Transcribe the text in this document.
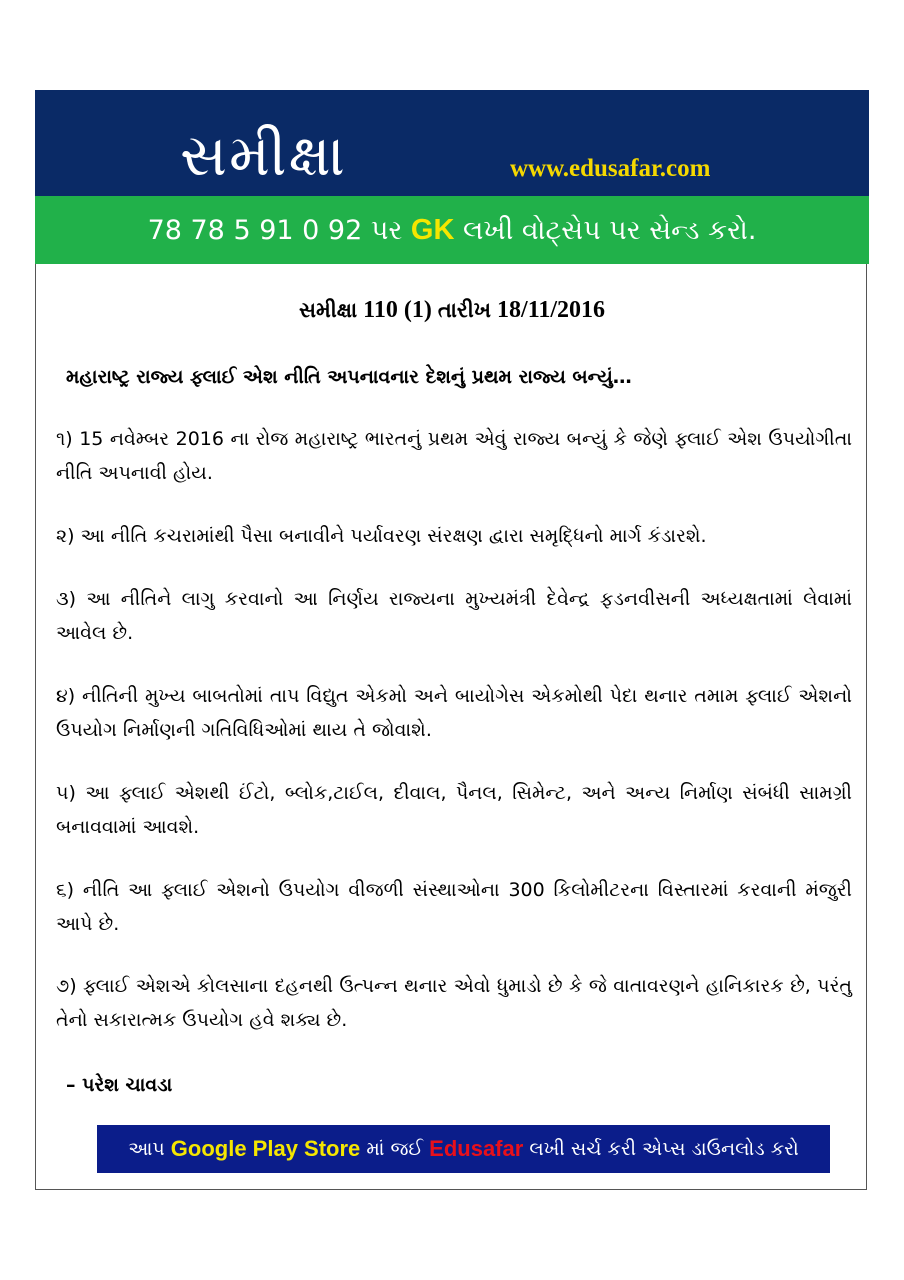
સમીક્ષા	www.edusafar.com
78 78 5 91 0 92 પર GK લખી વોટ્સેપ પર સેન્ડ કરો.
સમીક્ષા 110 (1) તારીખ 18/11/2016
મહારાષ્ટ્ર રાજ્ય ફ્લાઈ એશ નીતિ અપનાવનાર દેશનું પ્રથમ રાજ્ય બન્યું…
૧) 15 નવેમ્બર 2016 ના રોજ મહારાષ્ટ્ર ભારતનું પ્રથમ એવું રાજ્ય બન્યું કે જેણે ફ્લાઈ એશ ઉપયોગીતા નીતિ અપનાવી હોય.
૨) આ નીતિ કચરામાંથી પૈસા બનાવીને પર્યાવરણ સંરક્ષણ દ્વારા સમૃદ્ધિનો માર્ગ કંડારશે.
૩) આ નીતિને લાગુ કરવાનો આ નિર્ણય રાજ્યના મુખ્યમંત્રી દેવેન્દ્ર ફડનવીસની અધ્યક્ષતામાં લેવામાં આવેલ છે.
૪) નીતિની મુખ્ય બાબતોમાં તાપ વિદ્યુત એકમો અને બાયોગેસ એકમોથી પેદા થનાર તમામ ફ્લાઈ એશનો ઉપયોગ નિર્માણની ગતિવિધિઓમાં થાય તે જોવાશે.
૫) આ ફ્લાઈ એશથી ઈંટો, બ્લોક,ટાઈલ, દીવાલ, પૈનલ, સિમેન્ટ, અને અન્ય નિર્માણ સંબંધી સામગ્રી બનાવવામાં આવશે.
૬) નીતિ આ ફ્લાઈ એશનો ઉપયોગ વીજળી સંસ્થાઓના 300 કિલોમીટરના વિસ્તારમાં કરવાની મંજુરી આપે છે.
૭) ફ્લાઈ એશએ કોલસાના દહનથી ઉત્પન્ન થનાર એવો ધુમાડો છે કે જે વાતાવરણને હાનિકારક છે, પરંતુ તેનો સકારાત્મક ઉપયોગ હવે શક્ય છે.
– પરેશ ચાવડા
આપ
Google Play Store
માં જઈ
Edusafar
લખી સર્ચ કરી એપ્સ ડાઉનલોડ કરો
